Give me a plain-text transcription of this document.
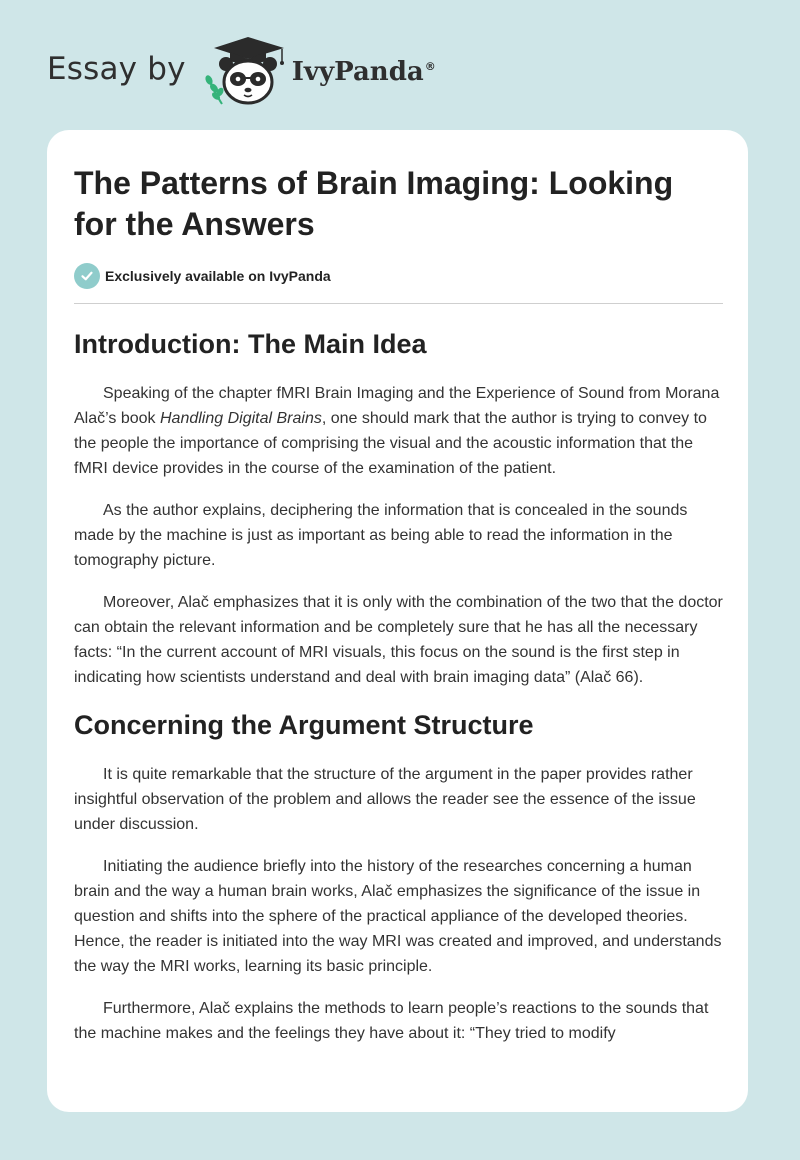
Essay by	IvyPanda®
The Patterns of Brain Imaging: Looking for the Answers
Exclusively available on IvyPanda
Introduction: The Main Idea

Speaking of the chapter fMRI Brain Imaging and the Experience of Sound from Morana Alač’s book Handling Digital Brains, one should mark that the author is trying to convey to the people the importance of comprising the visual and the acoustic information that the fMRI device provides in the course of the examination of the patient.

As the author explains, deciphering the information that is concealed in the sounds made by the machine is just as important as being able to read the information in the tomography picture.

Moreover, Alač emphasizes that it is only with the combination of the two that the doctor can obtain the relevant information and be completely sure that he has all the necessary facts: “In the current account of MRI visuals, this focus on the sound is the first step in indicating how scientists understand and deal with brain imaging data” (Alač 66).

Concerning the Argument Structure

It is quite remarkable that the structure of the argument in the paper provides rather insightful observation of the problem and allows the reader see the essence of the issue under discussion.

Initiating the audience briefly into the history of the researches concerning a human brain and the way a human brain works, Alač emphasizes the significance of the issue in question and shifts into the sphere of the practical appliance of the developed theories. Hence, the reader is initiated into the way MRI was created and improved, and understands the way the MRI works, learning its basic principle.

Furthermore, Alač explains the methods to learn people’s reactions to the sounds that the machine makes and the feelings they have about it: “They tried to modify
